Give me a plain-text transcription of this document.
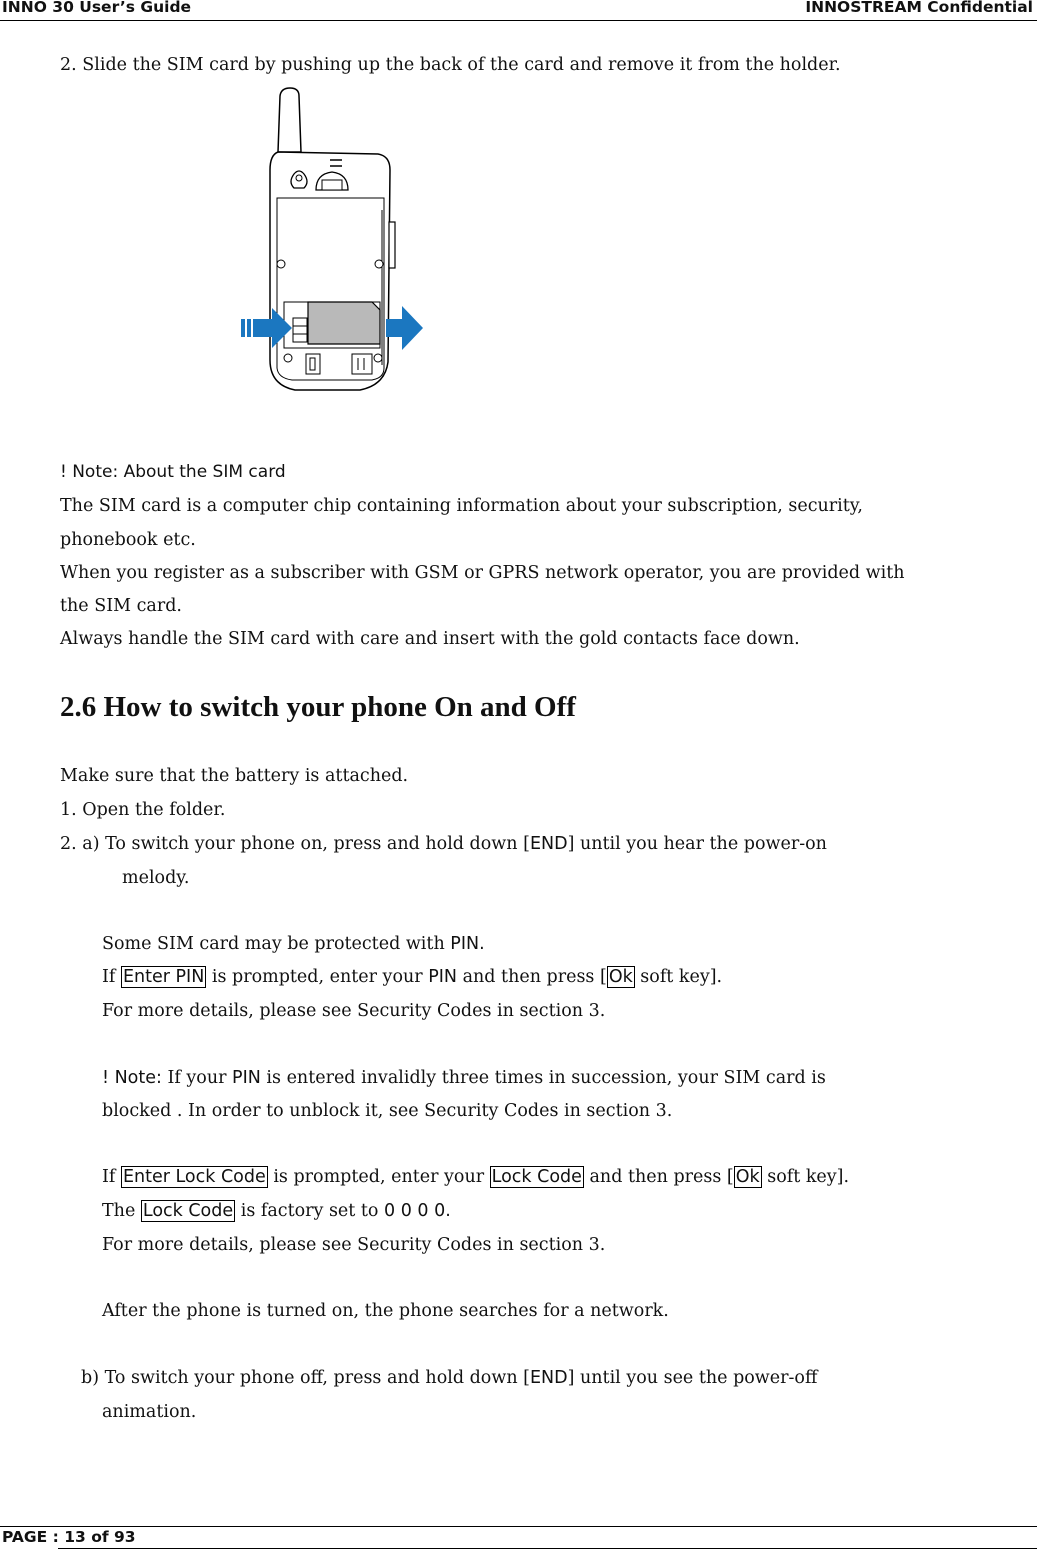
INNO 30 User’s Guide	INNOSTREAM Confidential
2. Slide the SIM card by pushing up the back of the card and remove it from the holder.
! Note: About the SIM card
The SIM card is a computer chip containing information about your subscription, security,
phonebook etc.
When you register as a subscriber with GSM or GPRS network operator, you are provided with
the SIM card.
Always handle the SIM card with care and insert with the gold contacts face down.
2.6 How to switch your phone On and Off
Make sure that the battery is attached.
1. Open the folder.
2. a) To switch your phone on, press and hold down [END] until you hear the power-on
melody.
Some SIM card may be protected with PIN.
If Enter PIN is prompted, enter your PIN and then press [ Ok soft key].
For more details, please see Security Codes in section 3.
! Note: If your PIN is entered invalidly three times in succession, your SIM card is
blocked . In order to unblock it, see Security Codes in section 3.
If Enter Lock Code is prompted, enter your Lock Code and then press [ Ok soft key].
The Lock Code is factory set to 0 0 0 0.
For more details, please see Security Codes in section 3.
After the phone is turned on, the phone searches for a network.
b) To switch your phone off, press and hold down [END] until you see the power-off
animation.
PAGE : 13 of 93
